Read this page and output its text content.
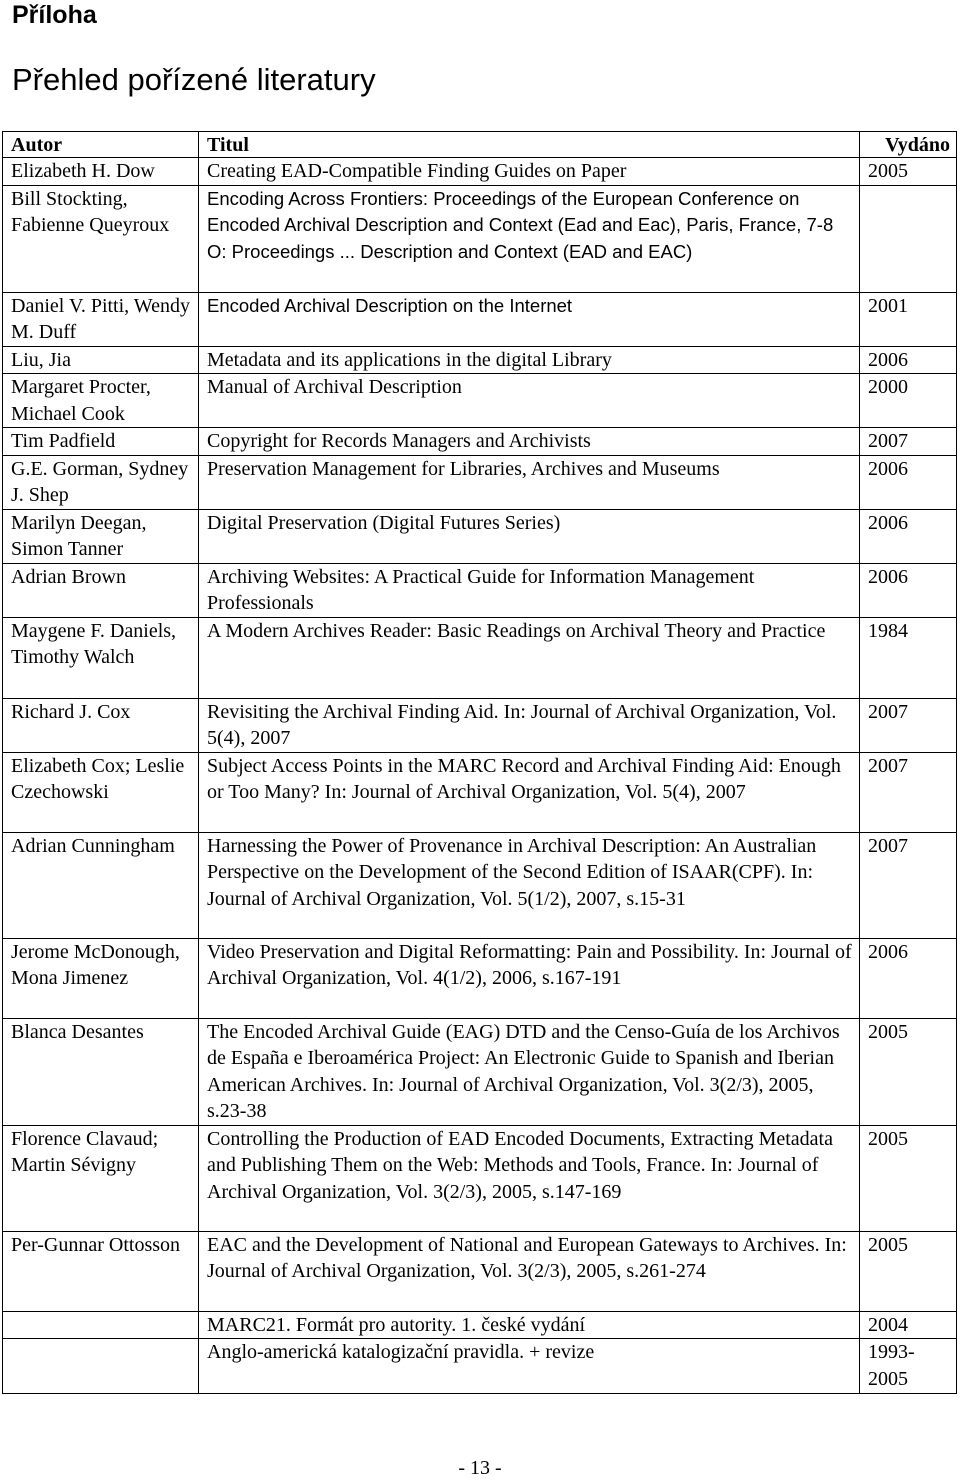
Příloha
Přehled pořízené literatury
Autor	Titul	Vydáno
Elizabeth H. Dow	Creating EAD-Compatible Finding Guides on Paper	2005
Bill Stockting, Fabienne Queyroux	Encoding Across Frontiers: Proceedings of the European Conference on Encoded Archival Description and Context (Ead and Eac), Paris, France, 7-8 O: Proceedings ... Description and Context (EAD and EAC)	
Daniel V. Pitti, Wendy M. Duff	Encoded Archival Description on the Internet	2001
Liu, Jia	Metadata and its applications in the digital Library	2006
Margaret Procter, Michael Cook	Manual of Archival Description	2000
Tim Padfield	Copyright for Records Managers and Archivists	2007
G.E. Gorman, Sydney J. Shep	Preservation Management for Libraries, Archives and Museums	2006
Marilyn Deegan, Simon Tanner	Digital Preservation (Digital Futures Series)	2006
Adrian Brown	Archiving Websites: A Practical Guide for Information Management Professionals	2006
Maygene F. Daniels, Timothy Walch	A Modern Archives Reader: Basic Readings on Archival Theory and Practice	1984
Richard J. Cox	Revisiting the Archival Finding Aid. In: Journal of Archival Organization, Vol. 5(4), 2007	2007
Elizabeth Cox; Leslie Czechowski	Subject Access Points in the MARC Record and Archival Finding Aid: Enough or Too Many? In: Journal of Archival Organization, Vol. 5(4), 2007	2007
Adrian Cunningham	Harnessing the Power of Provenance in Archival Description: An Australian Perspective on the Development of the Second Edition of ISAAR(CPF). In: Journal of Archival Organization, Vol. 5(1/2), 2007, s.15-31	2007
Jerome McDonough, Mona Jimenez	Video Preservation and Digital Reformatting: Pain and Possibility. In: Journal of Archival Organization, Vol. 4(1/2), 2006, s.167-191	2006
Blanca Desantes	The Encoded Archival Guide (EAG) DTD and the Censo-Guía de los Archivos de España e Iberoamérica Project: An Electronic Guide to Spanish and Iberian American Archives. In: Journal of Archival Organization, Vol. 3(2/3), 2005, s.23-38	2005
Florence Clavaud; Martin Sévigny	Controlling the Production of EAD Encoded Documents, Extracting Metadata and Publishing Them on the Web: Methods and Tools, France. In: Journal of Archival Organization, Vol. 3(2/3), 2005, s.147-169	2005
Per-Gunnar Ottosson	EAC and the Development of National and European Gateways to Archives. In: Journal of Archival Organization, Vol. 3(2/3), 2005, s.261-274	2005
	MARC21. Formát pro autority. 1. české vydání	2004
	Anglo-americká katalogizační pravidla. + revize	1993-2005
- 13 -
